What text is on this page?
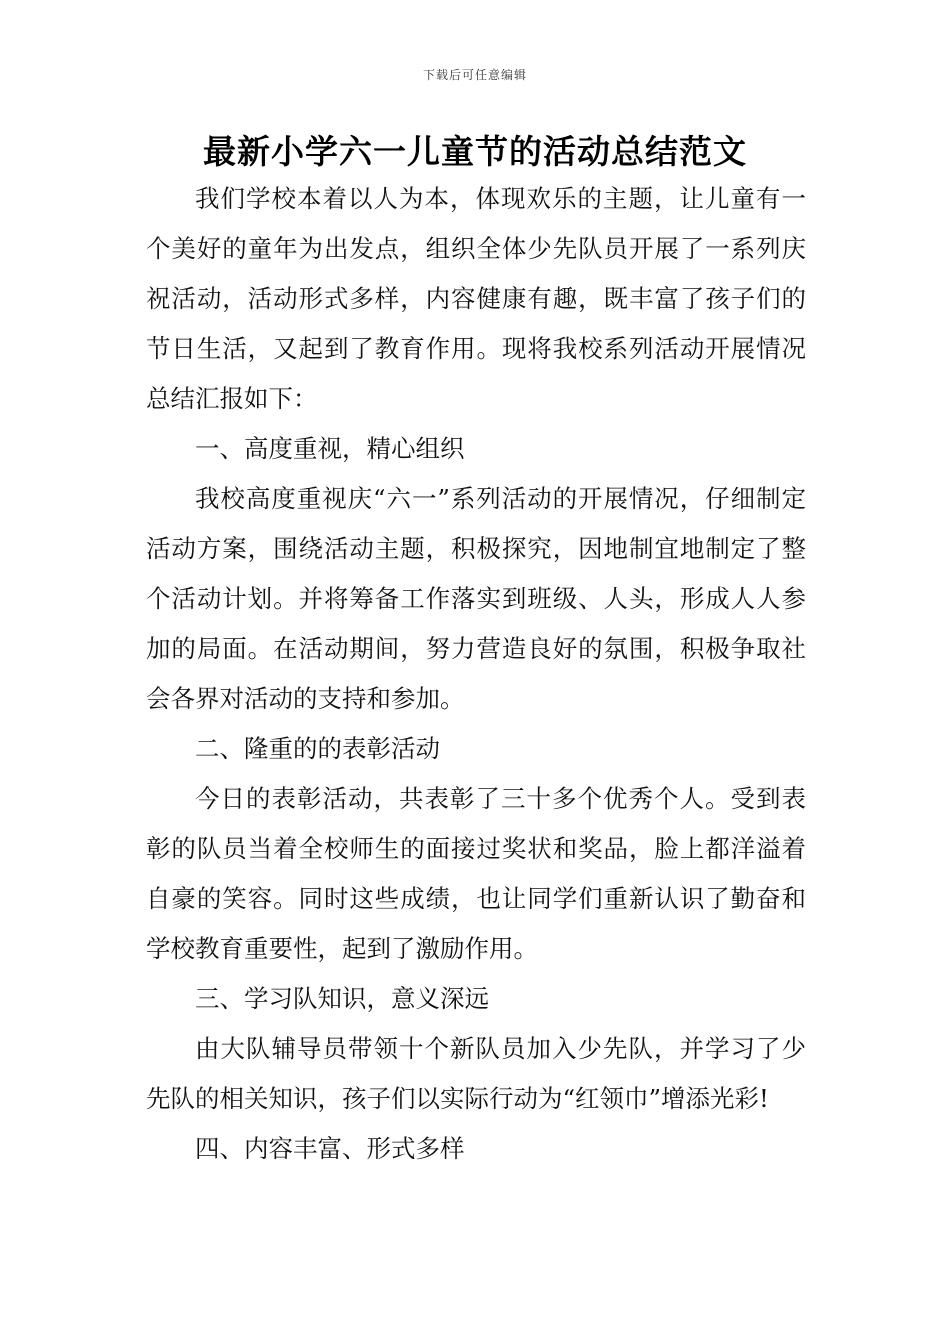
下载后可任意编辑
最新小学六一儿童节的活动总结范文

我们学校本着以人为本，体现欢乐的主题，让儿童有一个美好的童年为出发点，组织全体少先队员开展了一系列庆祝活动，活动形式多样，内容健康有趣，既丰富了孩子们的节日生活，又起到了教育作用。现将我校系列活动开展情况总结汇报如下：

一、高度重视，精心组织

我校高度重视庆“六一”系列活动的开展情况，仔细制定活动方案，围绕活动主题，积极探究，因地制宜地制定了整个活动计划。并将筹备工作落实到班级、人头，形成人人参加的局面。在活动期间，努力营造良好的氛围，积极争取社会各界对活动的支持和参加。

二、隆重的的表彰活动

今日的表彰活动，共表彰了三十多个优秀个人。受到表彰的队员当着全校师生的面接过奖状和奖品，脸上都洋溢着自豪的笑容。同时这些成绩，也让同学们重新认识了勤奋和学校教育重要性，起到了激励作用。

三、学习队知识，意义深远

由大队辅导员带领十个新队员加入少先队，并学习了少先队的相关知识，孩子们以实际行动为“红领巾”增添光彩!

四、内容丰富、形式多样
